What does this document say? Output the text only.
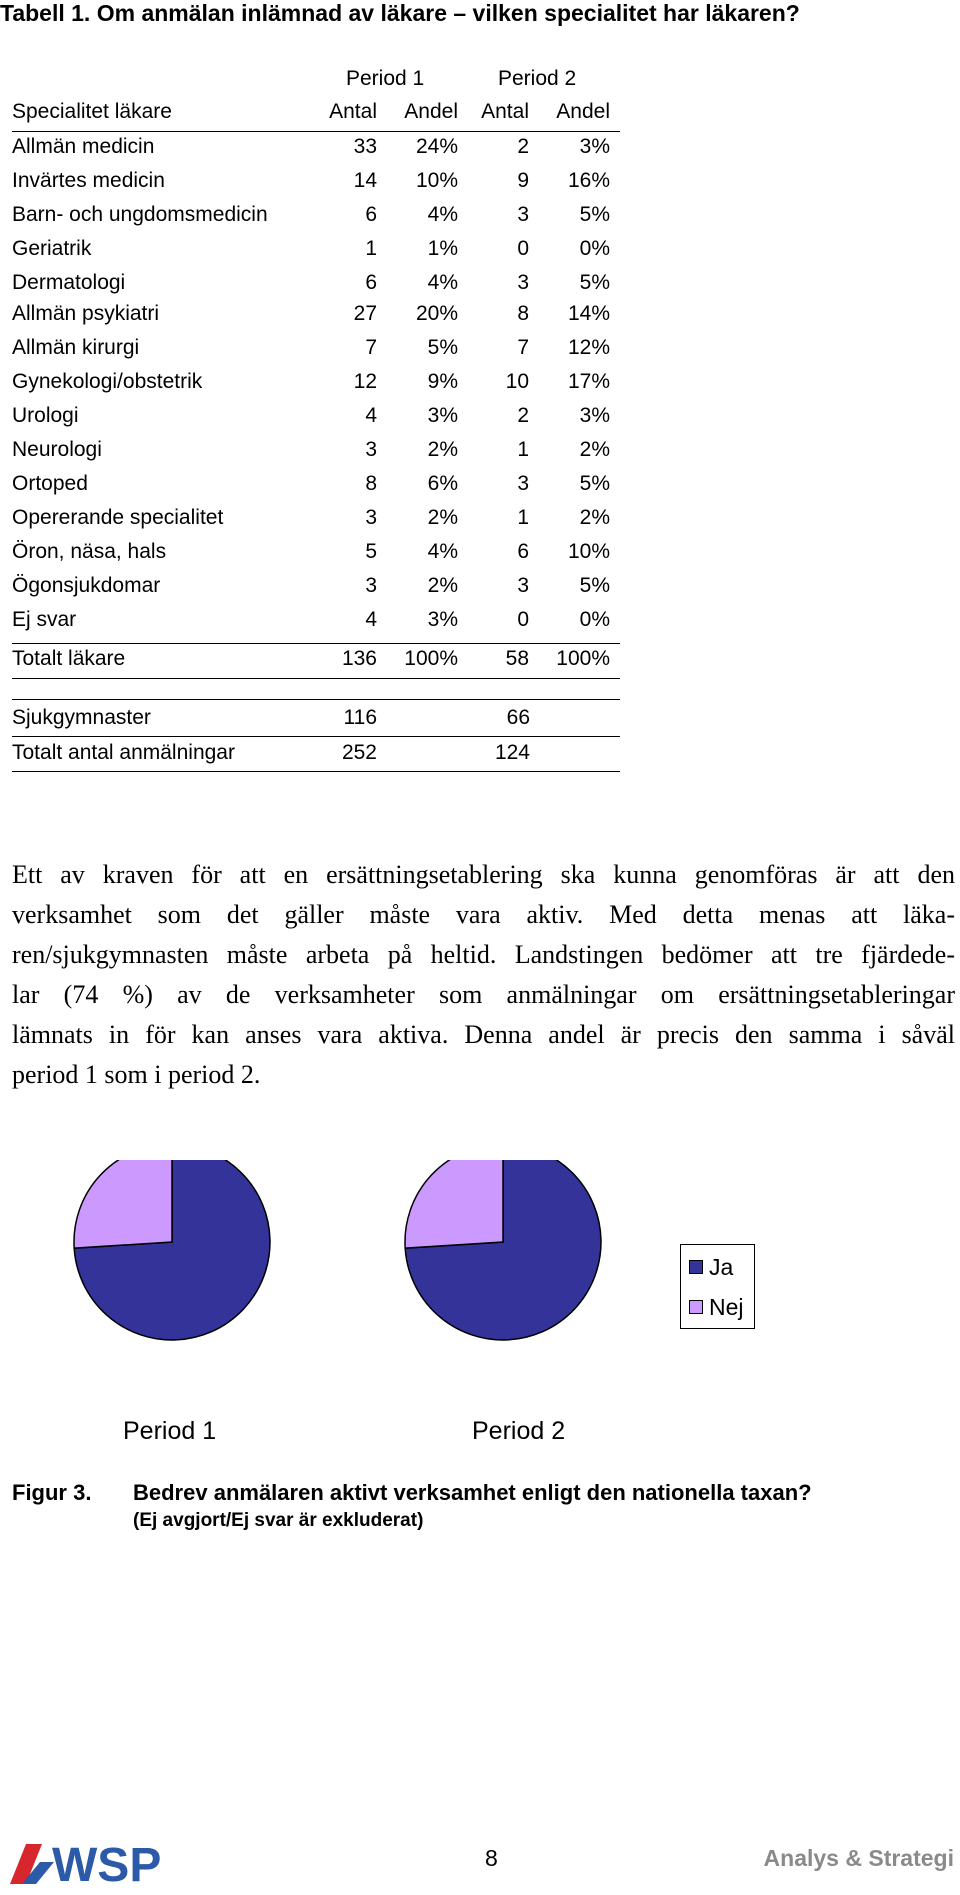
Tabell 1. Om anmälan inlämnad av läkare – vilken specialitet har läkaren?
Period 1	Period 2
Specialitet läkare	Antal Andel Antal Andel
Allmän medicin	33 24%	2 3%
Invärtes medicin	14 10%	9 16%
Barn- och ungdomsmedicin	6 4%	3 5%
Geriatrik	1 1%	0 0%
Dermatologi	6 4%	3 5%
Allmän psykiatri	27 20%	8 14%
Allmän kirurgi	7 5%	7 12%
Gynekologi/obstetrik	12 9% 10 17%
Urologi	4 3%	2 3%
Neurologi	3 2%	1 2%
Ortoped	8 6%	3 5%
Opererande specialitet	3 2%	1 2%
Öron, näsa, hals	5 4%	6 10%
Ögonsjukdomar	3 2%	3 5%
Ej svar	4 3%	0 0%
Totalt läkare	136 100% 58 100%
Sjukgymnaster	116	66
Totalt antal anmälningar	252	124
Ett av kraven för att en ersättningsetablering ska kunna genomföras är att den
verksamhet som det gäller måste vara aktiv. Med detta menas att läka-
ren/sjukgymnasten måste arbeta på heltid. Landstingen bedömer att tre fjärdede-
lar (74 %) av de verksamheter som anmälningar om ersättningsetableringar
lämnats in för kan anses vara aktiva. Denna andel är precis den samma i såväl
period 1 som i period 2.
Period 1	Period 2
Ja
Nej
Figur 3. Bedrev anmälaren aktivt verksamhet enligt den nationella taxan?
(Ej avgjort/Ej svar är exkluderat)
WSP	8	Analys & Strategi
